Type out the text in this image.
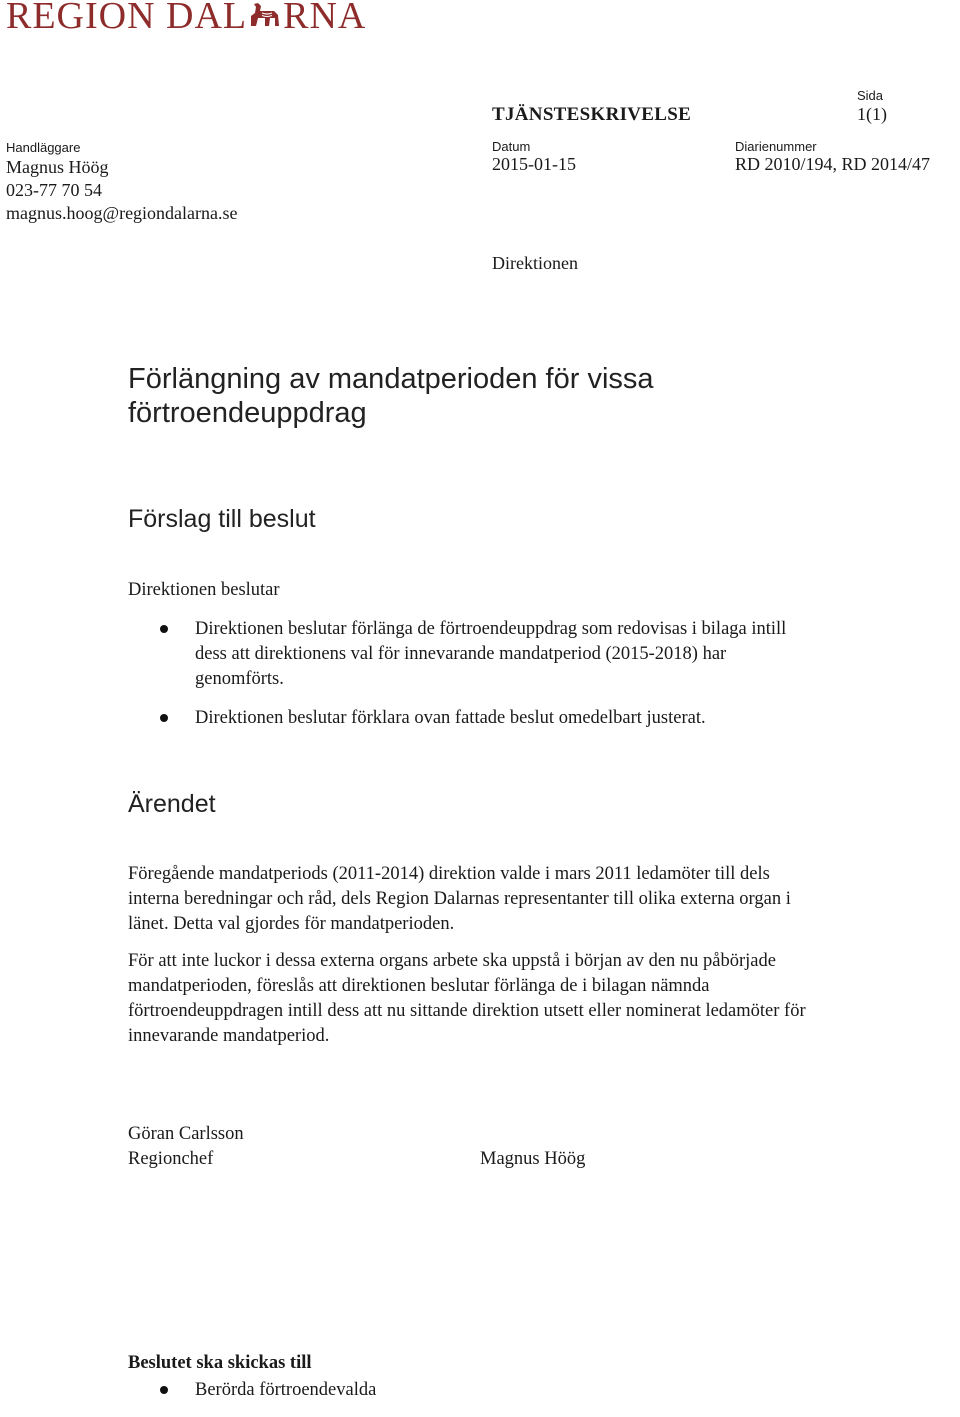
REGION DAL RNA
Sida
1(1)
TJÄNSTESKRIVELSE
Handläggare
Magnus Höög
023-77 70 54
magnus.hoog@regiondalarna.se
Datum
2015-01-15
Diarienummer
RD 2010/194, RD 2014/47
Direktionen
Förlängning av mandatperioden för vissa förtroendeuppdrag
Förslag till beslut
Direktionen beslutar
Direktionen beslutar förlänga de förtroendeuppdrag som redovisas i bilaga intill dess att direktionens val för innevarande mandatperiod (2015-2018) har genomförts.
Direktionen beslutar förklara ovan fattade beslut omedelbart justerat.
Ärendet
Föregående mandatperiods (2011-2014) direktion valde i mars 2011 ledamöter till dels interna beredningar och råd, dels Region Dalarnas representanter till olika externa organ i länet. Detta val gjordes för mandatperioden.
För att inte luckor i dessa externa organs arbete ska uppstå i början av den nu påbörjade mandatperioden, föreslås att direktionen beslutar förlänga de i bilagan nämnda förtroendeuppdragen intill dess att nu sittande direktion utsett eller nominerat ledamöter för innevarande mandatperiod.
Göran Carlsson
Regionchef	Magnus Höög
Beslutet ska skickas till
Berörda förtroendevalda
